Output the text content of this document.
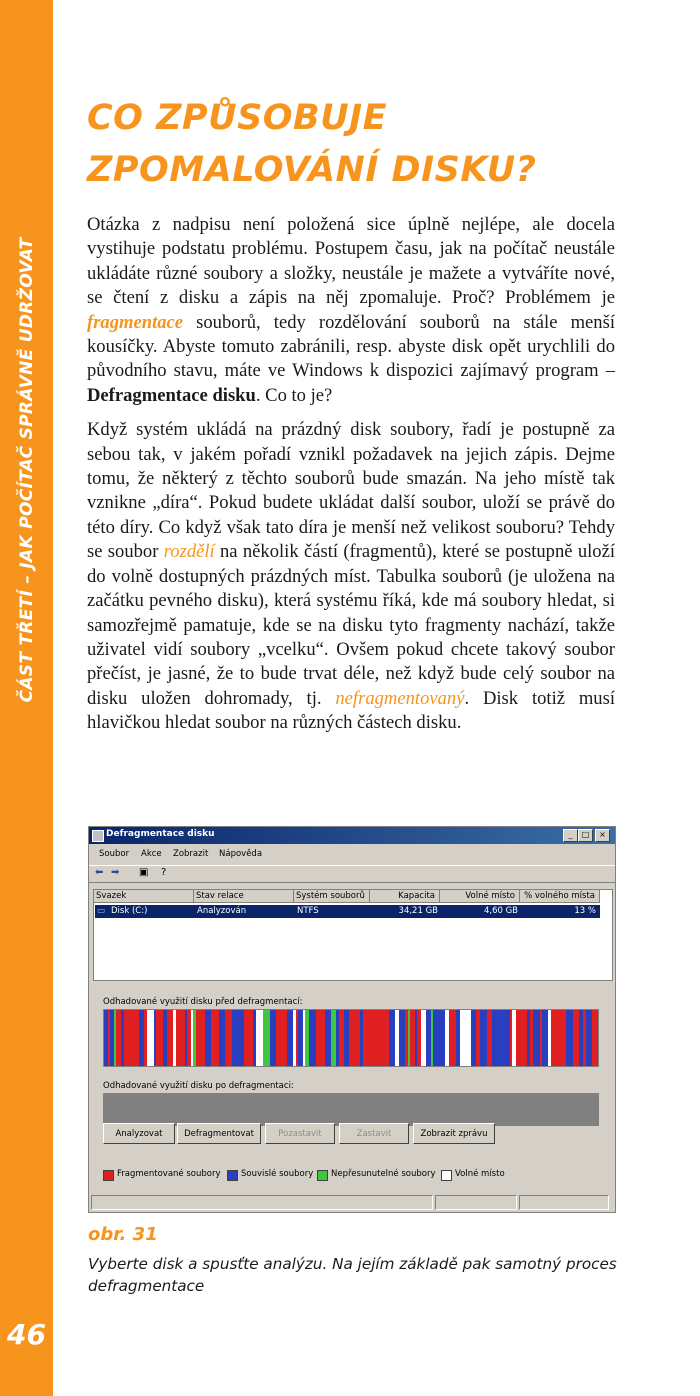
ČÁST TŘETÍ – JAK POČÍTAČ SPRÁVNĚ UDRŽOVAT
46
CO ZPŮSOBUJE
ZPOMALOVÁNÍ DISKU?

Otázka z nadpisu není položená sice úplně nejlépe, ale docela vystihuje podstatu problému. Postupem času, jak na počítač neustále ukládáte různé soubory a složky, neustále je mažete a vytváříte nové, se čtení z disku a zápis na něj zpomaluje. Proč? Problémem je fragmentace souborů, tedy rozdělování souborů na stále menší kousíčky. Abyste tomuto zabránili, resp. abyste disk opět urychlili do původního stavu, máte ve Windows k dispozici zajímavý program – Defragmentace disku. Co to je?

Když systém ukládá na prázdný disk soubory, řadí je postupně za sebou tak, v jakém pořadí vznikl požadavek na jejich zápis. Dejme tomu, že některý z těchto souborů bude smazán. Na jeho místě tak vznikne „díra“. Pokud budete ukládat další soubor, uloží se právě do této díry. Co když však tato díra je menší než velikost souboru? Tehdy se soubor rozdělí na několik částí (fragmentů), které se postupně uloží do volně dostupných prázdných míst. Tabulka souborů (je uložena na začátku pevného disku), která systému říká, kde má soubory hledat, si samozřejmě pamatuje, kde se na disku tyto fragmenty nachází, takže uživatel vidí soubory „vcelku“. Ovšem pokud chcete takový soubor přečíst, je jasné, že to bude trvat déle, než když bude celý soubor na disku uložen dohromady, tj. nefragmentovaný. Disk totiž musí hlavičkou hledat soubor na různých částech disku.

Defragmentace disku	_	□	×
Soubor Akce Zobrazit Nápověda
⬅ ➡ ▣ ?
Svazek	Stav relace	Systém souborů	Kapacita	Volné místo	% volného místa
▭ Disk (C:)	Analyzován	NTFS	34,21 GB	4,60 GB	13 %
Odhadované využití disku před defragmentací:
Odhadované využití disku po defragmentaci:
Analyzovat	Defragmentovat	Pozastavit	Zastavit	Zobrazit zprávu
Fragmentované soubory Souvislé soubory Nepřesunutelné soubory Volné místo
obr. 31
Vyberte disk a spusťte analýzu. Na jejím základě pak samotný proces defragmentace
